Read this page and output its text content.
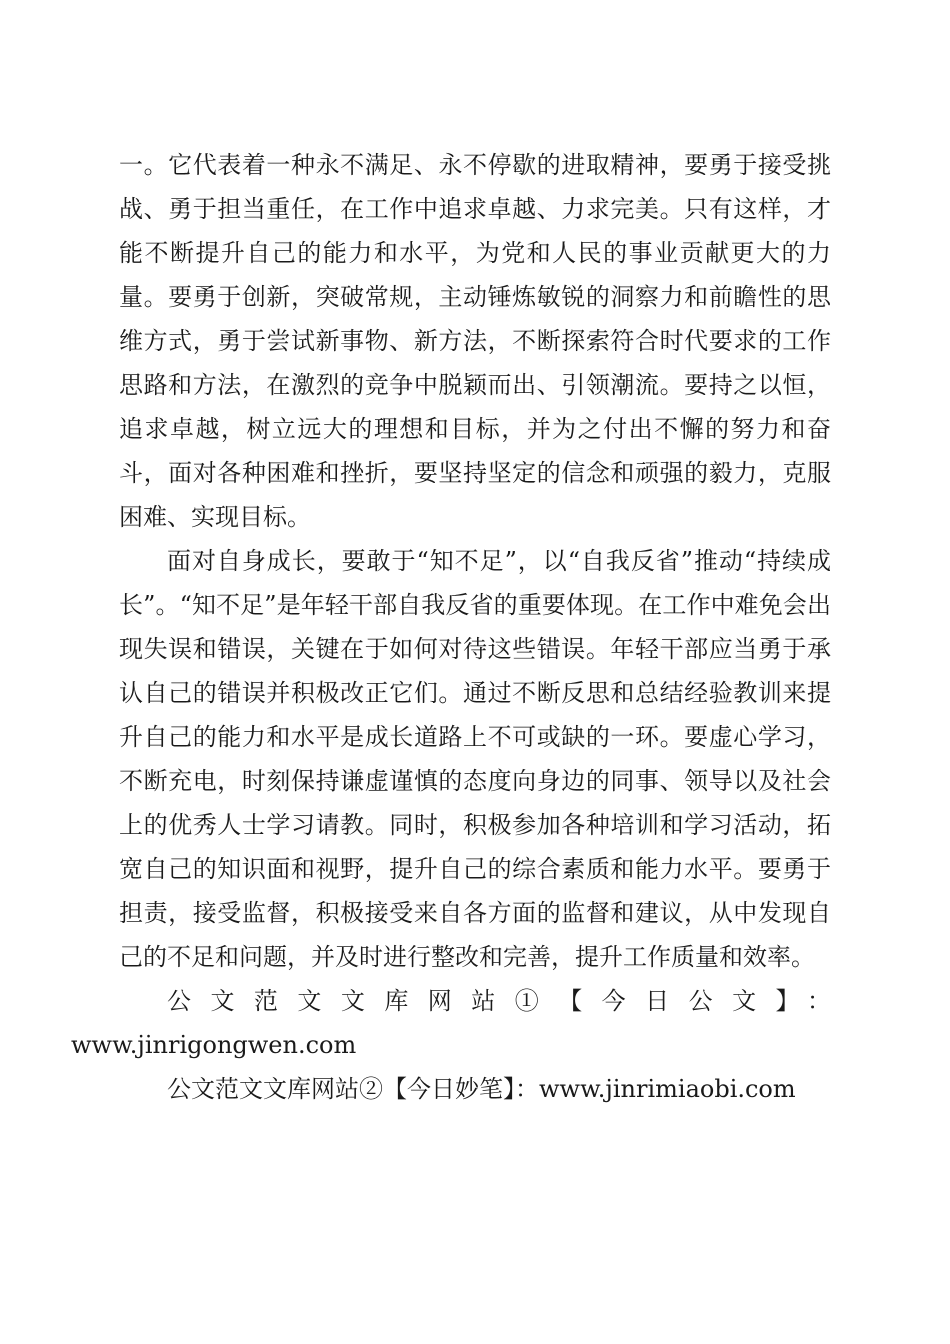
一。它代表着一种永不满足、永不停歇的进取精神，要勇于接受挑战、勇于担当重任，在工作中追求卓越、力求完美。只有这样，才能不断提升自己的能力和水平，为党和人民的事业贡献更大的力量。要勇于创新，突破常规，主动锤炼敏锐的洞察力和前瞻性的思维方式，勇于尝试新事物、新方法，不断探索符合时代要求的工作思路和方法，在激烈的竞争中脱颖而出、引领潮流。要持之以恒，追求卓越，树立远大的理想和目标，并为之付出不懈的努力和奋斗，面对各种困难和挫折，要坚持坚定的信念和顽强的毅力，克服困难、实现目标。

面对自身成长，要敢于“知不足”，以“自我反省”推动“持续成长”。“知不足”是年轻干部自我反省的重要体现。在工作中难免会出现失误和错误，关键在于如何对待这些错误。年轻干部应当勇于承认自己的错误并积极改正它们。通过不断反思和总结经验教训来提升自己的能力和水平是成长道路上不可或缺的一环。要虚心学习，不断充电，时刻保持谦虚谨慎的态度向身边的同事、领导以及社会上的优秀人士学习请教。同时，积极参加各种培训和学习活动，拓宽自己的知识面和视野，提升自己的综合素质和能力水平。要勇于担责，接受监督，积极接受来自各方面的监督和建议，从中发现自己的不足和问题，并及时进行整改和完善，提升工作质量和效率。

公文范文文库网站①【今日公文】：
www.jinrigongwen.com

公文范文文库网站②【今日妙笔】：www.jinrimiaobi.com
